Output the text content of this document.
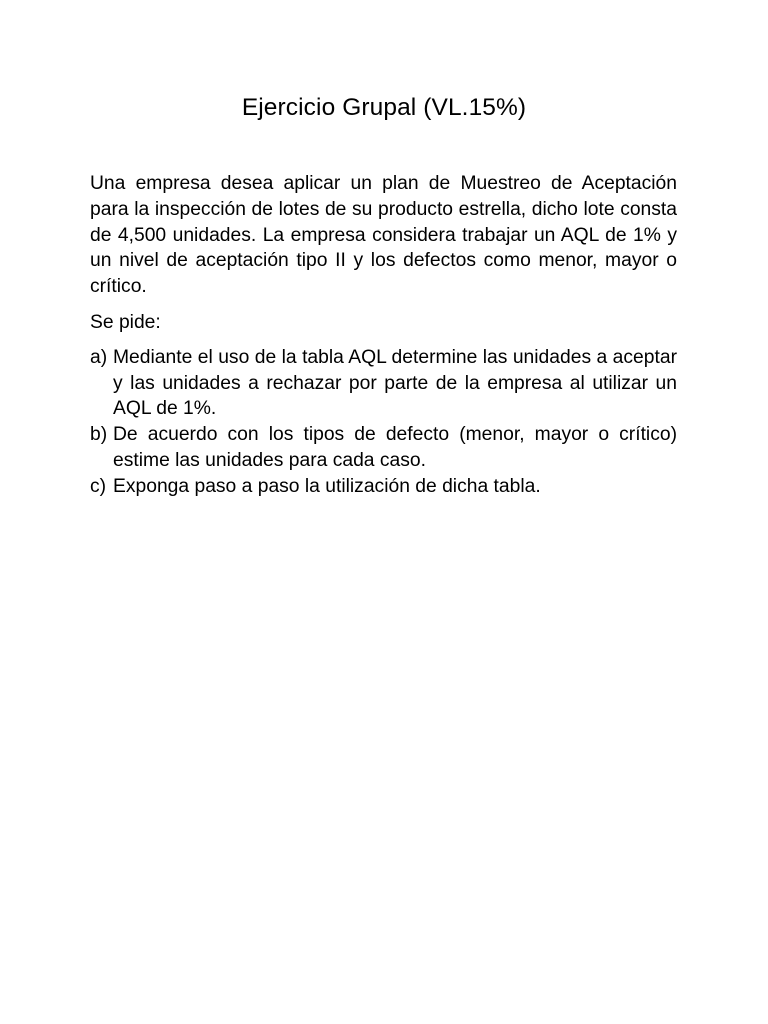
Ejercicio Grupal (VL.15%)

Una empresa desea aplicar un plan de Muestreo de Aceptación para la inspección de lotes de su producto estrella, dicho lote consta de 4,500 unidades. La empresa considera trabajar un AQL de 1% y un nivel de aceptación tipo II y los defectos como menor, mayor o crítico.

Se pide:

a) Mediante el uso de la tabla AQL determine las unidades a aceptar y las unidades a rechazar por parte de la empresa al utilizar un AQL de 1%.
b) De acuerdo con los tipos de defecto (menor, mayor o crítico) estime las unidades para cada caso.
c) Exponga paso a paso la utilización de dicha tabla.
